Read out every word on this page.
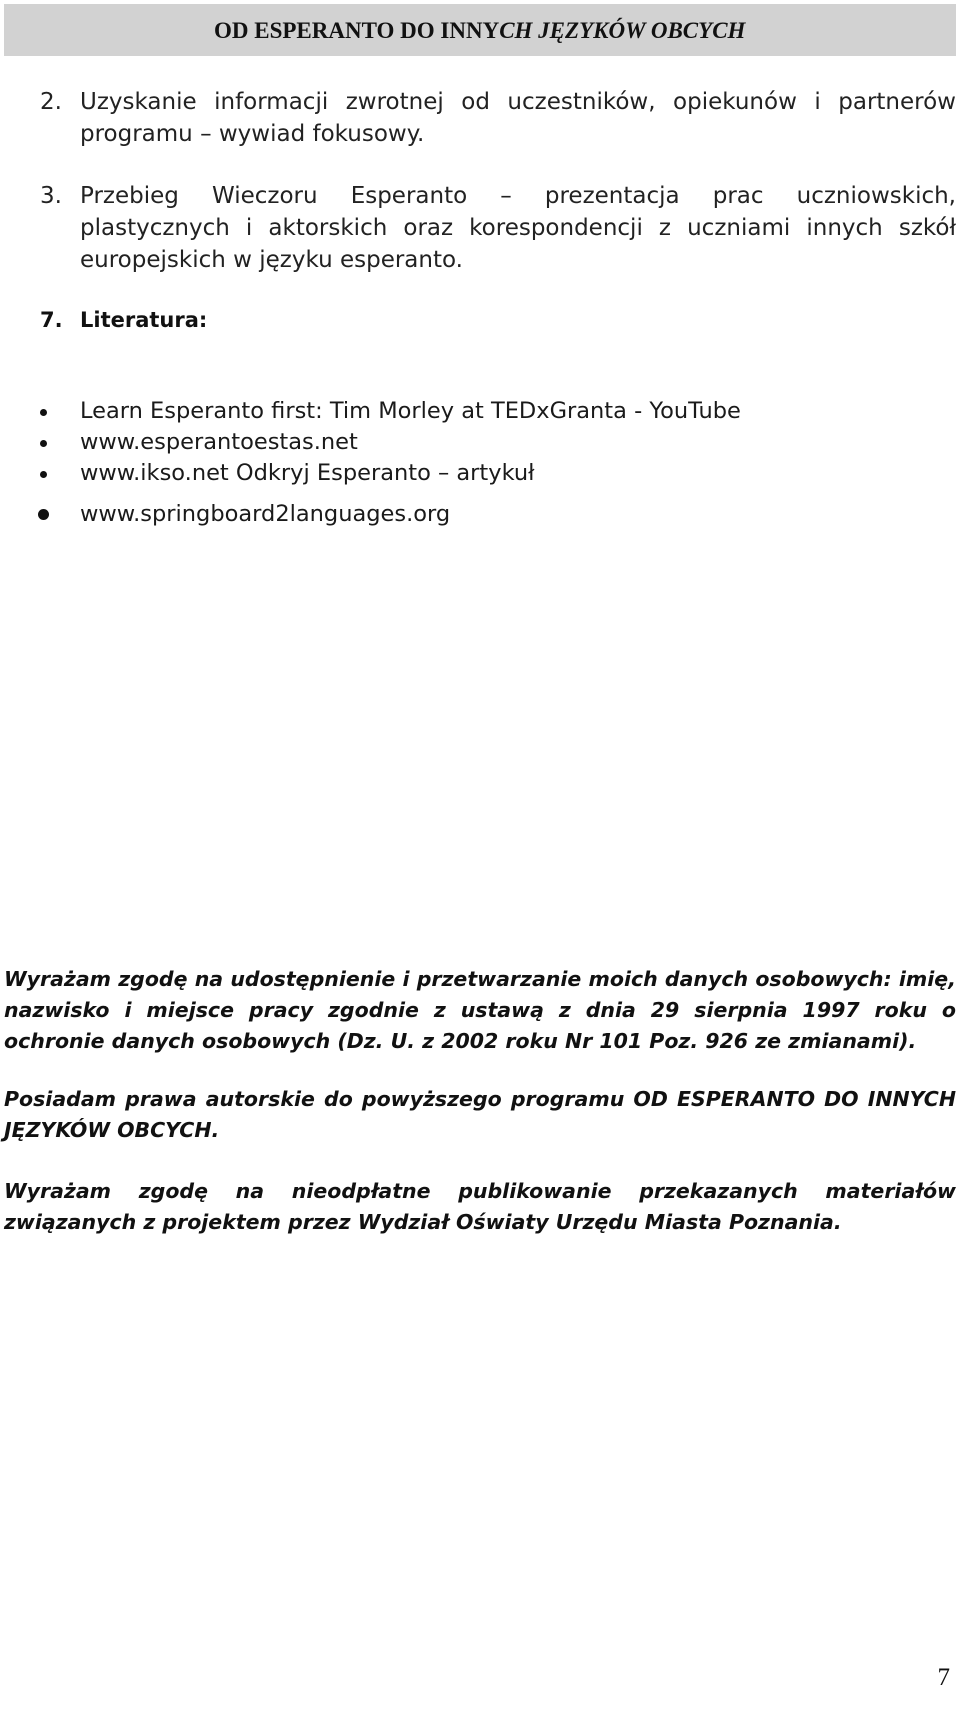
OD ESPERANTO DO INNYCH JĘZYKÓW OBCYCH
2. Uzyskanie informacji zwrotnej od uczestników, opiekunów i partnerów programu – wywiad fokusowy.
3. Przebieg Wieczoru Esperanto – prezentacja prac uczniowskich, plastycznych i aktorskich oraz korespondencji z uczniami innych szkół europejskich w języku esperanto.
7. Literatura:
Learn Esperanto first: Tim Morley at TEDxGranta - YouTube
www.esperantoestas.net
www.ikso.net Odkryj Esperanto – artykuł
www.springboard2languages.org
Wyrażam zgodę na udostępnienie i przetwarzanie moich danych osobowych: imię, nazwisko i miejsce pracy zgodnie z ustawą z dnia 29 sierpnia 1997 roku o ochronie danych osobowych (Dz. U. z 2002 roku Nr 101 Poz. 926 ze zmianami).
Posiadam prawa autorskie do powyższego programu OD ESPERANTO DO INNYCH JĘZYKÓW OBCYCH.
Wyrażam zgodę na nieodpłatne publikowanie przekazanych materiałów związanych z projektem przez Wydział Oświaty Urzędu Miasta Poznania.
7
